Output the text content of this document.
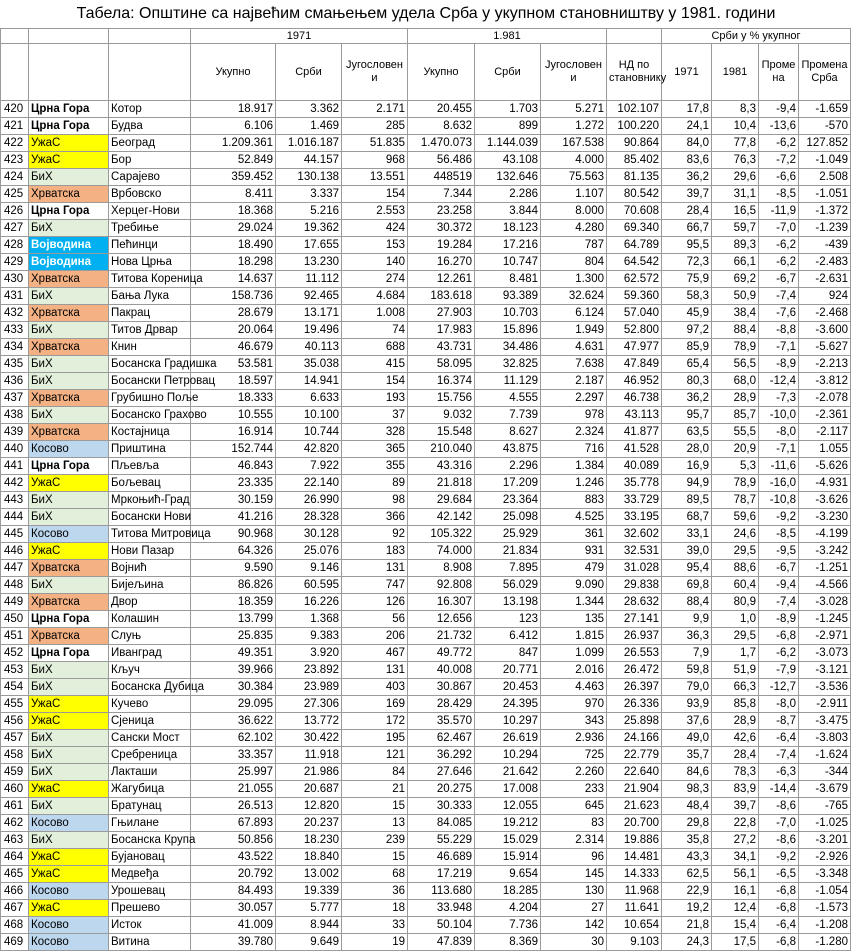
Табела: Општине са највећим смањењем удела Срба у укупном становништву у 1981. години
			1971			1.981				Срби у % укупног			
			Укупно	Срби	Југословени	Укупно	Срби	Југословени	НД по становнику	1971	1981	Промена	Промена Срба
420	Црна Гора	Котор	18.917	3.362	2.171	20.455	1.703	5.271	102.107	17,8	8,3	-9,4	-1.659
421	Црна Гора	Будва	6.106	1.469	285	8.632	899	1.272	100.220	24,1	10,4	-13,6	-570
422	УжаС	Београд	1.209.361	1.016.187	51.835	1.470.073	1.144.039	167.538	90.864	84,0	77,8	-6,2	127.852
423	УжаС	Бор	52.849	44.157	968	56.486	43.108	4.000	85.402	83,6	76,3	-7,2	-1.049
424	БиХ	Сарајево	359.452	130.138	13.551	448519	132.646	75.563	81.135	36,2	29,6	-6,6	2.508
425	Хрватска	Врбовско	8.411	3.337	154	7.344	2.286	1.107	80.542	39,7	31,1	-8,5	-1.051
426	Црна Гора	Херцег-Нови	18.368	5.216	2.553	23.258	3.844	8.000	70.608	28,4	16,5	-11,9	-1.372
427	БиХ	Требиње	29.024	19.362	424	30.372	18.123	4.280	69.340	66,7	59,7	-7,0	-1.239
428	Војводина	Пећинци	18.490	17.655	153	19.284	17.216	787	64.789	95,5	89,3	-6,2	-439
429	Војводина	Нова Црња	18.298	13.230	140	16.270	10.747	804	64.542	72,3	66,1	-6,2	-2.483
430	Хрватска	Титова Кореница	14.637	11.112	274	12.261	8.481	1.300	62.572	75,9	69,2	-6,7	-2.631
431	БиХ	Бања Лука	158.736	92.465	4.684	183.618	93.389	32.624	59.360	58,3	50,9	-7,4	924
432	Хрватска	Пакрац	28.679	13.171	1.008	27.903	10.703	6.124	57.040	45,9	38,4	-7,6	-2.468
433	БиХ	Титов Дрвар	20.064	19.496	74	17.983	15.896	1.949	52.800	97,2	88,4	-8,8	-3.600
434	Хрватска	Книн	46.679	40.113	688	43.731	34.486	4.631	47.977	85,9	78,9	-7,1	-5.627
435	БиХ	Босанска Градишка	53.581	35.038	415	58.095	32.825	7.638	47.849	65,4	56,5	-8,9	-2.213
436	БиХ	Босански Петровац	18.597	14.941	154	16.374	11.129	2.187	46.952	80,3	68,0	-12,4	-3.812
437	Хрватска	Грубишно Поље	18.333	6.633	193	15.756	4.555	2.297	46.738	36,2	28,9	-7,3	-2.078
438	БиХ	Босанско Грахово	10.555	10.100	37	9.032	7.739	978	43.113	95,7	85,7	-10,0	-2.361
439	Хрватска	Костајница	16.914	10.744	328	15.548	8.627	2.324	41.877	63,5	55,5	-8,0	-2.117
440	Косово	Приштина	152.744	42.820	365	210.040	43.875	716	41.528	28,0	20,9	-7,1	1.055
441	Црна Гора	Пљевља	46.843	7.922	355	43.316	2.296	1.384	40.089	16,9	5,3	-11,6	-5.626
442	УжаС	Бољевац	23.335	22.140	89	21.818	17.209	1.246	35.778	94,9	78,9	-16,0	-4.931
443	БиХ	Мркоњић-Град	30.159	26.990	98	29.684	23.364	883	33.729	89,5	78,7	-10,8	-3.626
444	БиХ	Босански Нови	41.216	28.328	366	42.142	25.098	4.525	33.195	68,7	59,6	-9,2	-3.230
445	Косово	Титова Митровица	90.968	30.128	92	105.322	25.929	361	32.602	33,1	24,6	-8,5	-4.199
446	УжаС	Нови Пазар	64.326	25.076	183	74.000	21.834	931	32.531	39,0	29,5	-9,5	-3.242
447	Хрватска	Војнић	9.590	9.146	131	8.908	7.895	479	31.028	95,4	88,6	-6,7	-1.251
448	БиХ	Бијељина	86.826	60.595	747	92.808	56.029	9.090	29.838	69,8	60,4	-9,4	-4.566
449	Хрватска	Двор	18.359	16.226	126	16.307	13.198	1.344	28.632	88,4	80,9	-7,4	-3.028
450	Црна Гора	Колашин	13.799	1.368	56	12.656	123	135	27.141	9,9	1,0	-8,9	-1.245
451	Хрватска	Слуњ	25.835	9.383	206	21.732	6.412	1.815	26.937	36,3	29,5	-6,8	-2.971
452	Црна Гора	Иванград	49.351	3.920	467	49.772	847	1.099	26.553	7,9	1,7	-6,2	-3.073
453	БиХ	Кључ	39.966	23.892	131	40.008	20.771	2.016	26.472	59,8	51,9	-7,9	-3.121
454	БиХ	Босанска Дубица	30.384	23.989	403	30.867	20.453	4.463	26.397	79,0	66,3	-12,7	-3.536
455	УжаС	Кучево	29.095	27.306	169	28.429	24.395	970	26.336	93,9	85,8	-8,0	-2.911
456	УжаС	Сјеница	36.622	13.772	172	35.570	10.297	343	25.898	37,6	28,9	-8,7	-3.475
457	БиХ	Сански Мост	62.102	30.422	195	62.467	26.619	2.936	24.166	49,0	42,6	-6,4	-3.803
458	БиХ	Сребреница	33.357	11.918	121	36.292	10.294	725	22.779	35,7	28,4	-7,4	-1.624
459	БиХ	Лакташи	25.997	21.986	84	27.646	21.642	2.260	22.640	84,6	78,3	-6,3	-344
460	УжаС	Жагубица	21.055	20.687	21	20.275	17.008	233	21.904	98,3	83,9	-14,4	-3.679
461	БиХ	Братунац	26.513	12.820	15	30.333	12.055	645	21.623	48,4	39,7	-8,6	-765
462	Косово	Гњилане	67.893	20.237	13	84.085	19.212	83	20.700	29,8	22,8	-7,0	-1.025
463	БиХ	Босанска Крупа	50.856	18.230	239	55.229	15.029	2.314	19.886	35,8	27,2	-8,6	-3.201
464	УжаС	Бујановац	43.522	18.840	15	46.689	15.914	96	14.481	43,3	34,1	-9,2	-2.926
465	УжаС	Медвеђа	20.792	13.002	68	17.219	9.654	145	14.333	62,5	56,1	-6,5	-3.348
466	Косово	Урошевац	84.493	19.339	36	113.680	18.285	130	11.968	22,9	16,1	-6,8	-1.054
467	УжаС	Прешево	30.057	5.777	18	33.948	4.204	27	11.641	19,2	12,4	-6,8	-1.573
468	Косово	Исток	41.009	8.944	33	50.104	7.736	142	10.654	21,8	15,4	-6,4	-1.208
469	Косово	Витина	39.780	9.649	19	47.839	8.369	30	9.103	24,3	17,5	-6,8	-1.280
